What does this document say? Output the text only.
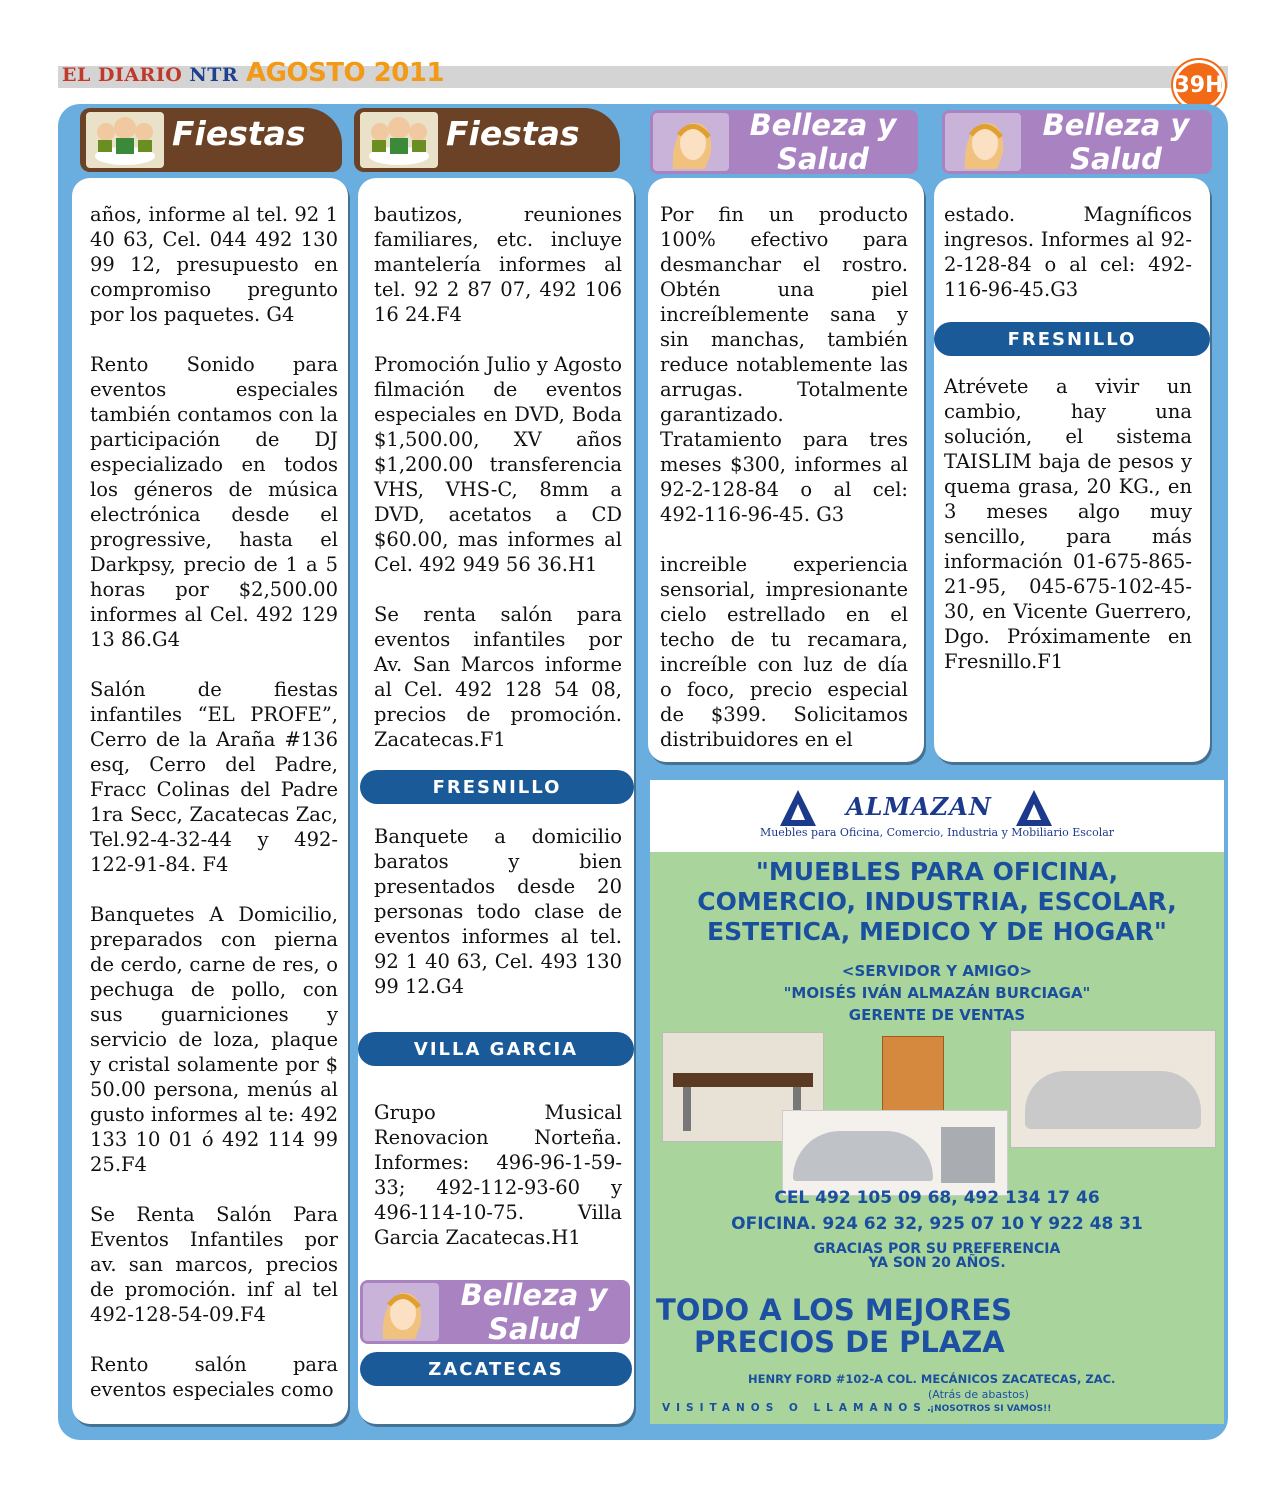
EL DIARIO NTR AGOSTO 2011	39H
Fiestas	Fiestas	Belleza y Salud
Belleza y Salud

años, informe al tel. 92 1 40 63, Cel. 044 492 130 99 12, presupuesto en compromiso pregunto por los paquetes. G4

Rento Sonido para eventos especiales también contamos con la participación de DJ especializado en todos los géneros de música electrónica desde el progressive, hasta el Darkpsy, precio de 1 a 5 horas por $2,500.00 informes al Cel. 492 129 13 86.G4

Salón de fiestas infantiles “EL PROFE”, Cerro de la Araña #136 esq, Cerro del Padre, Fracc Colinas del Padre 1ra Secc, Zacatecas Zac, Tel.92-4-32-44 y 492-122-91-84. F4

Banquetes A Domicilio, preparados con pierna de cerdo, carne de res, o pechuga de pollo, con sus guarniciones y servicio de loza, plaque y cristal solamente por $ 50.00 persona, menús al gusto informes al te: 492 133 10 01 ó 492 114 99 25.F4

Se Renta Salón Para Eventos Infantiles por av. san marcos, precios de promoción. inf al tel 492-128-54-09.F4

Rento salón para eventos especiales como

bautizos, reuniones familiares, etc. incluye mantelería informes al tel. 92 2 87 07, 492 106 16 24.F4

Promoción Julio y Agosto filmación de eventos especiales en DVD, Boda $1,500.00, XV años $1,200.00 transferencia VHS, VHS-C, 8mm a DVD, acetatos a CD $60.00, mas informes al Cel. 492 949 56 36.H1

Se renta salón para eventos infantiles por Av. San Marcos informe al Cel. 492 128 54 08, precios de promoción. Zacatecas.F1

FRESNILLO
Banquete a domicilio baratos y bien presentados desde 20 personas todo clase de eventos informes al tel. 92 1 40 63, Cel. 493 130 99 12.G4
VILLA GARCIA
Grupo Musical Renovacion Norteña. Informes: 496-96-1-59-33; 492-112-93-60 y 496-114-10-75. Villa Garcia Zacatecas.H1
Belleza y Salud
ZACATECAS

Por fin un producto 100% efectivo para desmanchar el rostro. Obtén una piel increíblemente sana y sin manchas, también reduce notablemente las arrugas. Totalmente garantizado. Tratamiento para tres meses $300, informes al 92-2-128-84 o al cel: 492-116-96-45. G3

increible experiencia sensorial, impresionante cielo estrellado en el techo de tu recamara, increíble con luz de día o foco, precio especial de $399. Solicitamos distribuidores en el

estado. Magníficos ingresos. Informes al 92-2-128-84 o al cel: 492-116-96-45.G3
FRESNILLO
Atrévete a vivir un cambio, hay una solución, el sistema TAISLIM baja de pesos y quema grasa, 20 KG., en 3 meses algo muy sencillo, para más información 01-675-865-21-95, 045-675-102-45-30, en Vicente Guerrero, Dgo. Próximamente en Fresnillo.F1
ALMAZAN
Muebles para Oficina, Comercio, Industria y Mobiliario Escolar
"MUEBLES PARA OFICINA,
COMERCIO, INDUSTRIA, ESCOLAR,
ESTETICA, MEDICO Y DE HOGAR"
<SERVIDOR Y AMIGO>
"MOISÉS IVÁN ALMAZÁN BURCIAGA"
GERENTE DE VENTAS
CEL 492 105 09 68, 492 134 17 46
OFICINA. 924 62 32, 925 07 10 Y 922 48 31
GRACIAS POR SU PREFERENCIA
YA SON 20 AÑOS.
TODO A LOS MEJORES
PRECIOS DE PLAZA
HENRY FORD #102-A COL. MECÁNICOS ZACATECAS, ZAC.
(Atrás de abastos)
VISITANOS O LLAMANOS.
¡NOSOTROS SI VAMOS!!
